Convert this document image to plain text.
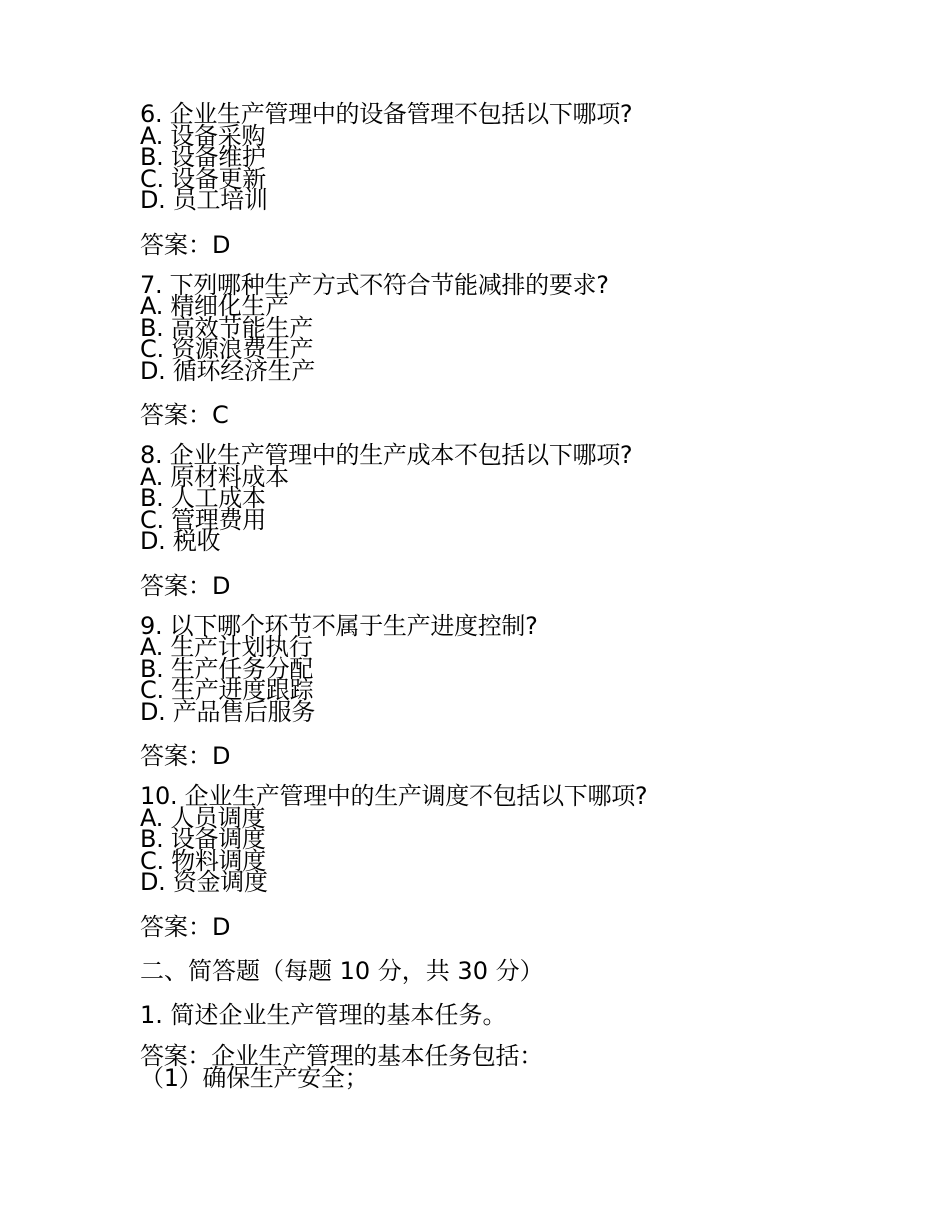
6. 企业生产管理中的设备管理不包括以下哪项?
A. 设备采购
B. 设备维护
C. 设备更新
D. 员工培训
答案：D
7. 下列哪种生产方式不符合节能减排的要求?
A. 精细化生产
B. 高效节能生产
C. 资源浪费生产
D. 循环经济生产
答案：C
8. 企业生产管理中的生产成本不包括以下哪项?
A. 原材料成本
B. 人工成本
C. 管理费用
D. 税收
答案：D
9. 以下哪个环节不属于生产进度控制?
A. 生产计划执行
B. 生产任务分配
C. 生产进度跟踪
D. 产品售后服务
答案：D
10. 企业生产管理中的生产调度不包括以下哪项?
A. 人员调度
B. 设备调度
C. 物料调度
D. 资金调度
答案：D
二、简答题（每题 10 分，共 30 分）
1. 简述企业生产管理的基本任务。
答案：企业生产管理的基本任务包括：
（1）确保生产安全；
